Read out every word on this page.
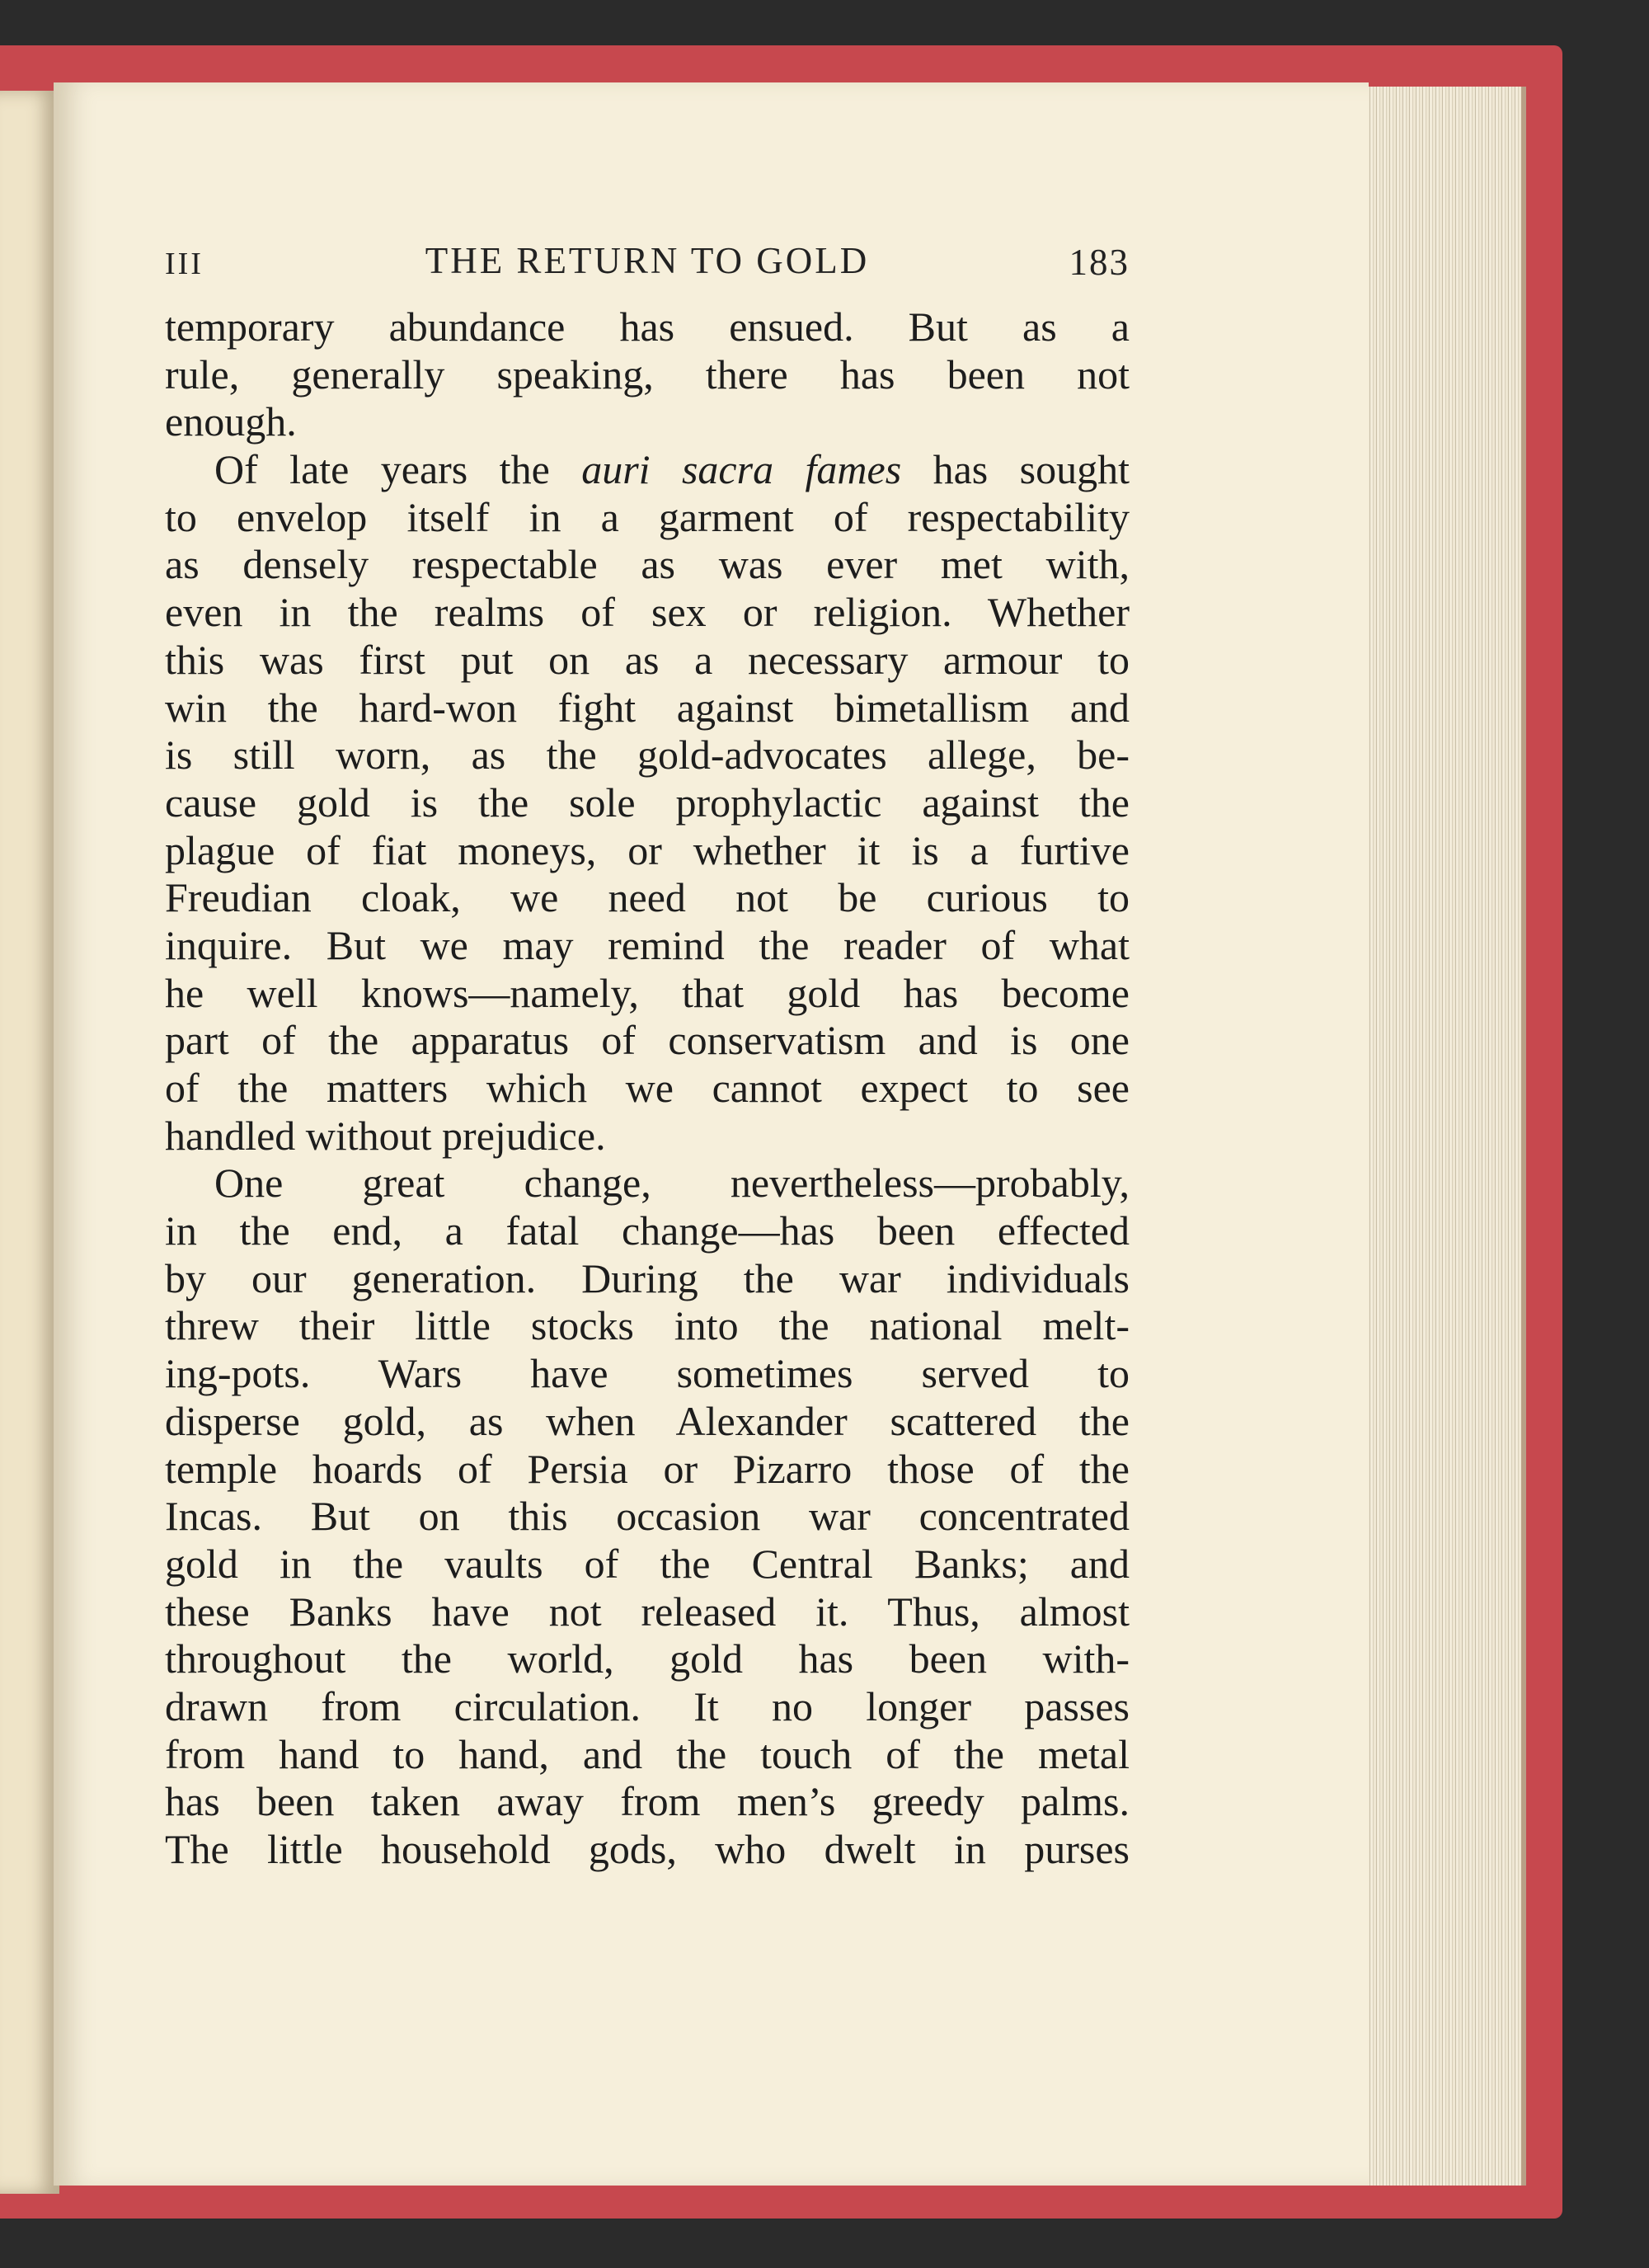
III	THE RETURN TO GOLD	183
temporary abundance has ensued. But as a
rule, generally speaking, there has been not
enough.
Of late years the auri sacra fames has sought
to envelop itself in a garment of respectability
as densely respectable as was ever met with,
even in the realms of sex or religion. Whether
this was first put on as a necessary armour to
win the hard-won fight against bimetallism and
is still worn, as the gold-advocates allege, be-
cause gold is the sole prophylactic against the
plague of fiat moneys, or whether it is a furtive
Freudian cloak, we need not be curious to
inquire. But we may remind the reader of what
he well knows—namely, that gold has become
part of the apparatus of conservatism and is one
of the matters which we cannot expect to see
handled without prejudice.
One great change, nevertheless—probably,
in the end, a fatal change—has been effected
by our generation. During the war individuals
threw their little stocks into the national melt-
ing-pots. Wars have sometimes served to
disperse gold, as when Alexander scattered the
temple hoards of Persia or Pizarro those of the
Incas. But on this occasion war concentrated
gold in the vaults of the Central Banks; and
these Banks have not released it. Thus, almost
throughout the world, gold has been with-
drawn from circulation. It no longer passes
from hand to hand, and the touch of the metal
has been taken away from men’s greedy palms.
The little household gods, who dwelt in purses
